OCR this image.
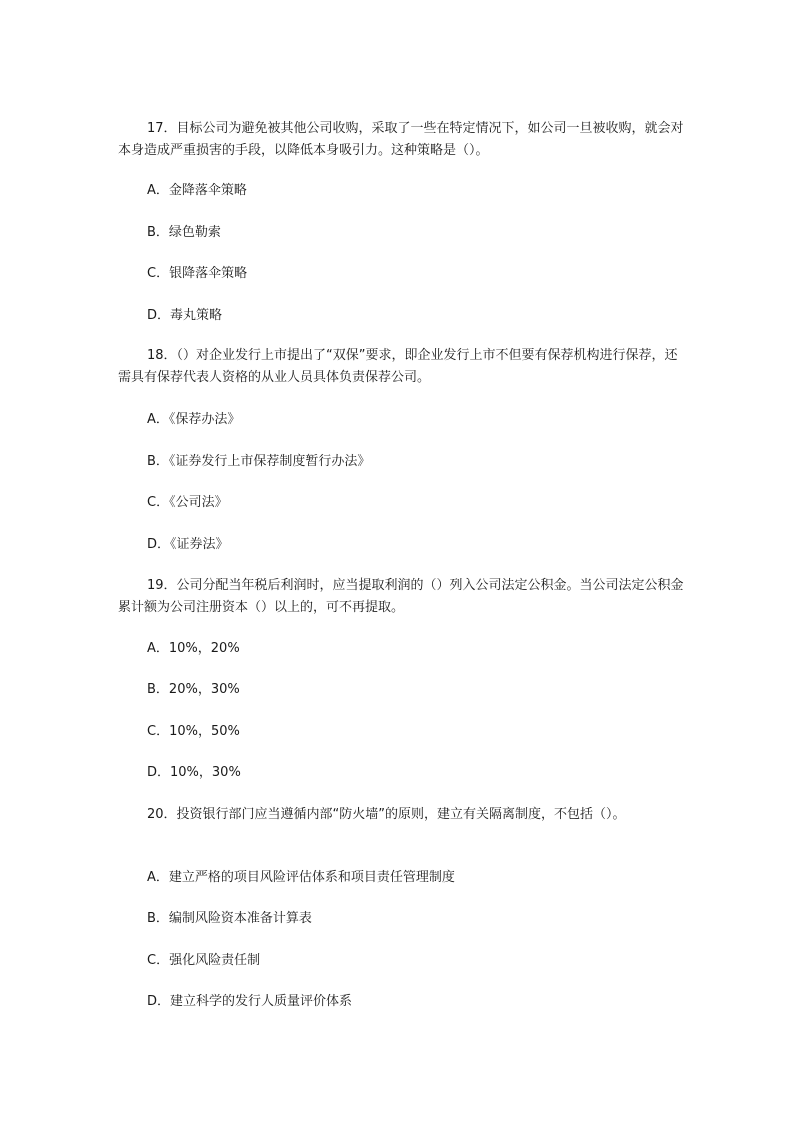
17．目标公司为避免被其他公司收购，采取了一些在特定情况下，如公司一旦被收购，就会对本身造成严重损害的手段，以降低本身吸引力。这种策略是（）。
A．金降落伞策略
B．绿色勒索
C．银降落伞策略
D．毒丸策略
18．（）对企业发行上市提出了“双保”要求，即企业发行上市不但要有保荐机构进行保荐，还需具有保荐代表人资格的从业人员具体负责保荐公司。
A．《保荐办法》
B．《证券发行上市保荐制度暂行办法》
C．《公司法》
D．《证券法》
19．公司分配当年税后利润时，应当提取利润的（）列入公司法定公积金。当公司法定公积金累计额为公司注册资本（）以上的，可不再提取。
A．10%，20%
B．20%，30%
C．10%，50%
D．10%，30%
20．投资银行部门应当遵循内部“防火墙”的原则，建立有关隔离制度，不包括（）。
A．建立严格的项目风险评估体系和项目责任管理制度
B．编制风险资本准备计算表
C．强化风险责任制
D．建立科学的发行人质量评价体系
